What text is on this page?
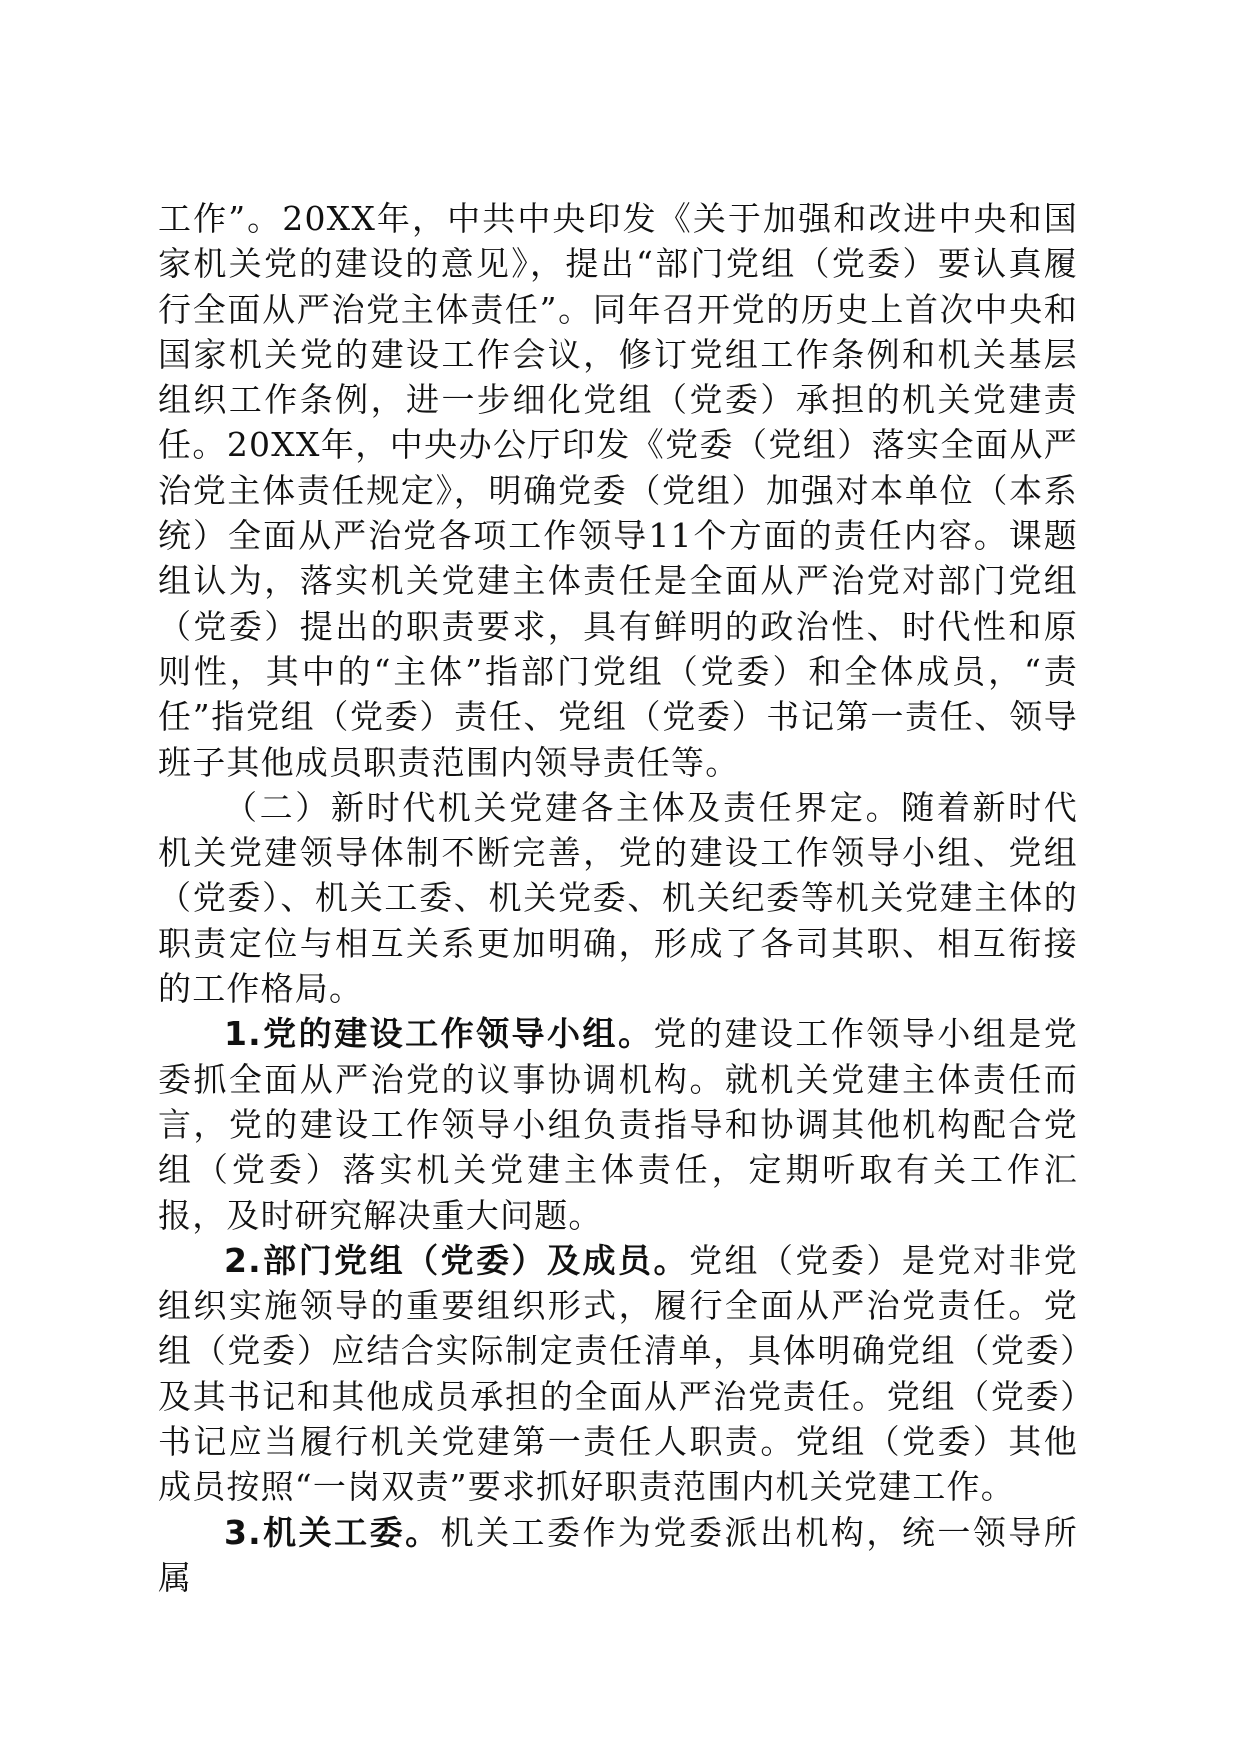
工作”。20XX年，中共中央印发《关于加强和改进中央和国家机关党的建设的意见》，提出“部门党组（党委）要认真履行全面从严治党主体责任”。同年召开党的历史上首次中央和国家机关党的建设工作会议，修订党组工作条例和机关基层组织工作条例，进一步细化党组（党委）承担的机关党建责任。20XX年，中央办公厅印发《党委（党组）落实全面从严治党主体责任规定》，明确党委（党组）加强对本单位（本系统）全面从严治党各项工作领导11个方面的责任内容。课题组认为，落实机关党建主体责任是全面从严治党对部门党组（党委）提出的职责要求，具有鲜明的政治性、时代性和原则性，其中的“主体”指部门党组（党委）和全体成员，“责任”指党组（党委）责任、党组（党委）书记第一责任、领导班子其他成员职责范围内领导责任等。

（二）新时代机关党建各主体及责任界定。随着新时代机关党建领导体制不断完善，党的建设工作领导小组、党组（党委）、机关工委、机关党委、机关纪委等机关党建主体的职责定位与相互关系更加明确，形成了各司其职、相互衔接的工作格局。

1.党的建设工作领导小组。党的建设工作领导小组是党委抓全面从严治党的议事协调机构。就机关党建主体责任而言，党的建设工作领导小组负责指导和协调其他机构配合党组（党委）落实机关党建主体责任，定期听取有关工作汇报，及时研究解决重大问题。

2.部门党组（党委）及成员。党组（党委）是党对非党组织实施领导的重要组织形式，履行全面从严治党责任。党组（党委）应结合实际制定责任清单，具体明确党组（党委）及其书记和其他成员承担的全面从严治党责任。党组（党委）书记应当履行机关党建第一责任人职责。党组（党委）其他成员按照“一岗双责”要求抓好职责范围内机关党建工作。

3.机关工委。机关工委作为党委派出机构，统一领导所属
